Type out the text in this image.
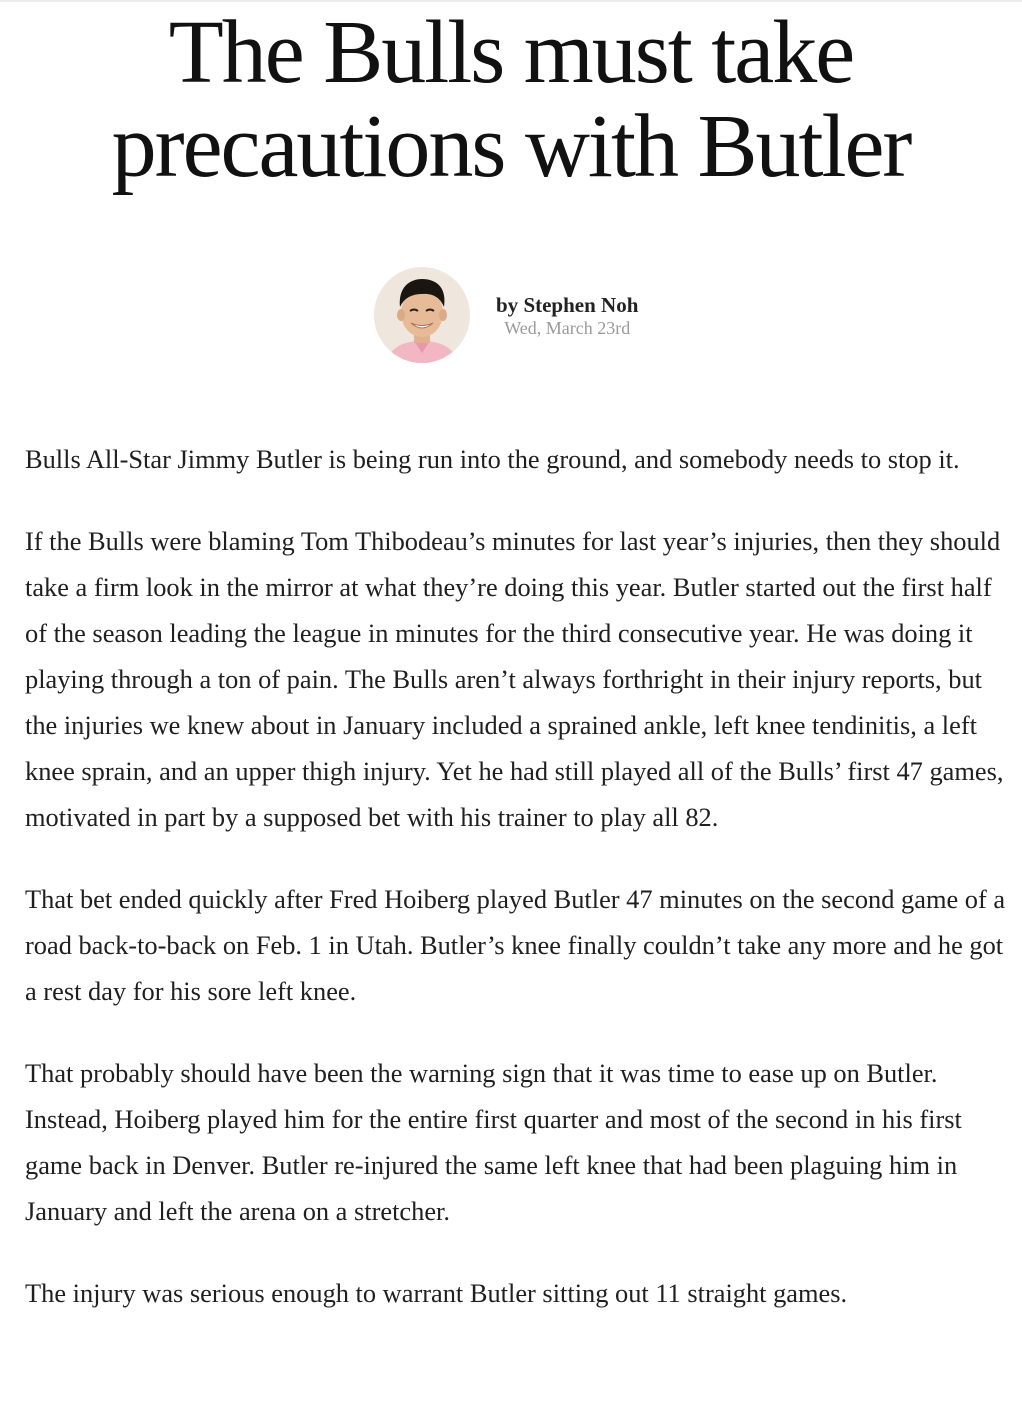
The Bulls must take
precautions with Butler
by Stephen Noh
Wed, March 23rd

Bulls All-Star Jimmy Butler is being run into the ground, and somebody needs to stop it.

If the Bulls were blaming Tom Thibodeau’s minutes for last year’s injuries, then they should take a firm look in the mirror at what they’re doing this year. Butler started out the first half of the season leading the league in minutes for the third consecutive year. He was doing it playing through a ton of pain. The Bulls aren’t always forthright in their injury reports, but the injuries we knew about in January included a sprained ankle, left knee tendinitis, a left knee sprain, and an upper thigh injury. Yet he had still played all of the Bulls’ first 47 games, motivated in part by a supposed bet with his trainer to play all 82.

That bet ended quickly after Fred Hoiberg played Butler 47 minutes on the second game of a road back-to-back on Feb. 1 in Utah. Butler’s knee finally couldn’t take any more and he got a rest day for his sore left knee.

That probably should have been the warning sign that it was time to ease up on Butler. Instead, Hoiberg played him for the entire first quarter and most of the second in his first game back in Denver. Butler re-injured the same left knee that had been plaguing him in January and left the arena on a stretcher.

The injury was serious enough to warrant Butler sitting out 11 straight games.
